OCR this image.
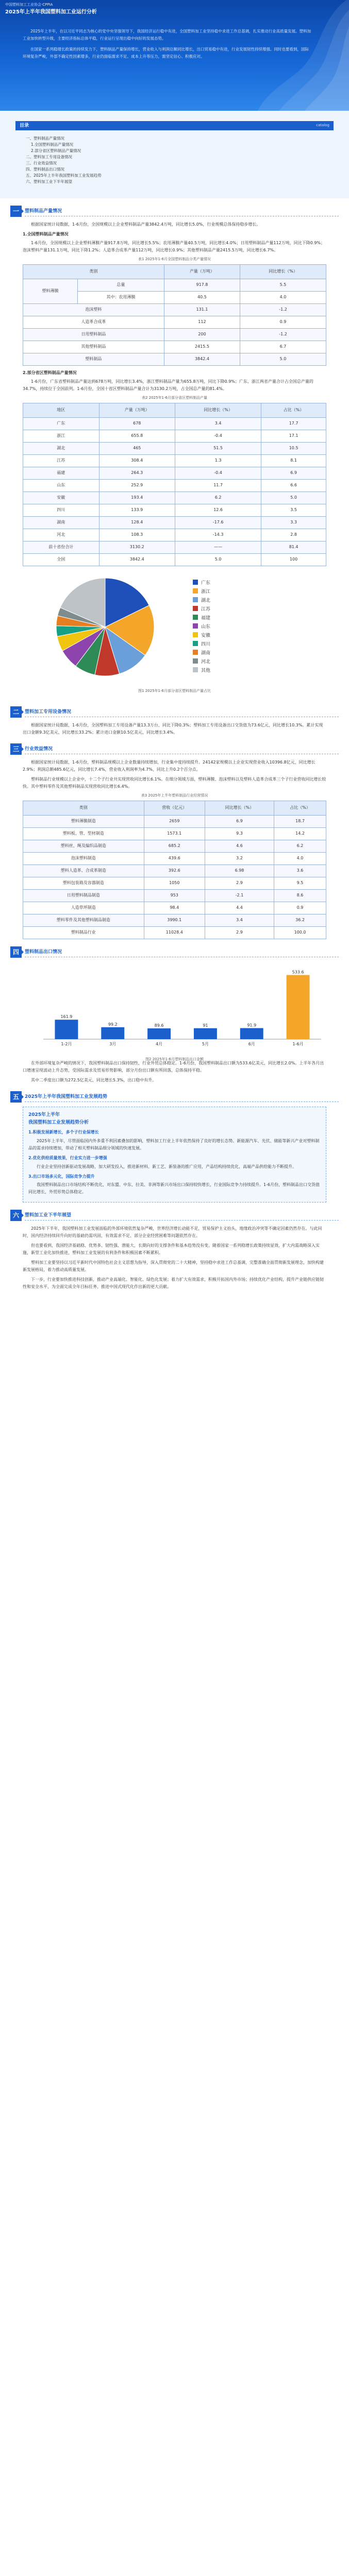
中国塑料加工工业协会·CPPIA
2025年上半年我国塑料加工业运行分析

2025年上半年，在以习近平同志为核心的党中央坚强领导下，我国经济运行稳中有进，全国塑料加工业坚持稳中求进工作总基调，扎实推动行业高质量发展。塑料加工业加快转型升级，主要经济指标总体平稳，行业运行呈现出稳中向好的发展态势。

在国家一系列稳增长政策的持续发力下，塑料制品产量保持增长，营业收入与利润总额同比增长，出口贸易稳中有进，行业发展韧性持续增强。同时也要看到，国际环境复杂严峻，外部不确定性因素增多，行业仍面临需求不足、成本上升等压力，需坚定信心、积极应对。

目录	catalog
一、塑料制品产量情况
1.全国塑料制品产量情况
2.部分省区塑料制品产量情况
二、塑料加工专用设备情况
三、行业效益情况
四、塑料制品出口情况
五、2025年上半年我国塑料加工业发展趋势
六、塑料加工业下半年展望
一	塑料制品产量情况

根据国家统计局数据，1-6月份，全国规模以上企业塑料制品产量3842.4万吨，同比增长5.0%，行业规模总体保持稳步增长。

1.全国塑料制品产量情况

1-6月份，全国规模以上企业塑料薄膜产量917.8万吨，同比增长5.5%；农用薄膜产量40.5万吨，同比增长4.0%；日用塑料制品产量112万吨，同比下降0.9%；泡沫塑料产量131.1万吨，同比下降1.2%；人造革合成革产量112万吨，同比增长0.9%；其他塑料制品产量2415.5万吨，同比增长6.7%。

表1 2025年1-6月全国塑料制品分类产量情况
类别		产量（万吨）	同比增长（%）
塑料薄膜	总量	917.8	5.5
	其中：农用薄膜	40.5	4.0
泡沫塑料		131.1	-1.2
人造革合成革		112	0.9
日用塑料制品		200	-1.2
其他塑料制品		2415.5	6.7
塑料制品		3842.4	5.0
2.部分省区塑料制品产量情况

1-6月份，广东省塑料制品产量达到678万吨，同比增长3.4%，浙江塑料制品产量为655.8万吨，同比下降0.9%；广东、浙江两省产量合计占全国总产量的34.7%，持续位于全国前列。1-6月份，全国十省区塑料制品产量合计为3130.2万吨，占全国总产量的81.4%。

表2 2025年1-6月部分省区塑料制品产量
地区	产量（万吨）	同比增长（%）	占比（%）
广东	678	3.4	17.7
浙江	655.8	-0.4	17.1
湖北	465	51.5	10.5
江苏	308.4	1.3	8.1
福建	264.3	-0.4	6.9
山东	252.9	11.7	6.6
安徽	193.4	6.2	5.0
四川	133.9	12.6	3.5
湖南	128.4	-17.6	3.3
河北	108.3	-14.3	2.8
前十省份合计	3130.2	——	81.4
全国	3842.4	5.0	100
广东
浙江
湖北
江苏
福建
山东
安徽
四川
湖南
河北
其他
图1 2025年1-6月部分省区塑料制品产量占比
二	塑料加工专用设备情况

根据国家统计局数据，1-6月份，全国塑料加工专用设备产量13.3万台，同比下降0.3%；塑料加工专用设备出口交货值为73.6亿元，同比增长10.3%。累计实现出口金额9.3亿美元，同比增长33.2%；累计进口金额10.5亿美元，同比增长3.4%。

三	行业效益情况

根据国家统计局数据，1-6月份，塑料制品规模以上企业数量持续增加，行业集中度持续提升。24142家规模以上企业实现营业收入10396.8亿元，同比增长2.9%；利润总额485.6亿元，同比增长7.4%，营业收入利润率为4.7%，同比上升0.2个百分点。

塑料制品行业规模以上企业中，十二个子行业共实现营收同比增长6.1%。在细分领域方面，塑料薄膜、泡沫塑料以及塑料人造革合成革三个子行业营收同比增长较快。其中塑料零件及其他塑料制品实现营收同比增长6.4%。

表3 2025年上半年塑料制品行业经营情况
类别	营收（亿元）	同比增长（%）	占比（%）
塑料薄膜制造	2659	6.9	18.7
塑料板、管、型材制造	1573.1	9.3	14.2
塑料丝、绳及编织品制造	685.2	4.6	6.2
泡沫塑料制造	439.6	3.2	4.0
塑料人造革、合成革制造	392.6	6.98	3.6
塑料包装箱及容器制造	1050	2.9	9.5
日用塑料制品制造	953	-2.1	8.6
人造草坪制造	98.4	4.4	0.9
塑料零件及其他塑料制品制造	3990.1	3.4	36.2
塑料制品行业	11028.4	2.9	100.0
四	塑料制品出口情况
161.9
1-2月
99.2
3月
89.6
4月
91
5月
91.9
6月
533.6
1-6月
图2 2025年1-6月塑料制品出口金额

在外部环境复杂严峻的情况下，我国塑料制品出口保持韧性，行业外贸总体稳定。1-6月份，我国塑料制品出口额为533.6亿美元，同比增长2.0%。上半年各月出口增速呈现波动上升态势，受国际需求及贸易形势影响，部分月份出口额有所回落，总体保持平稳。

其中二季度出口额为272.5亿美元，同比增长5.3%，出口稳中有升。

五	2025年上半年我国塑料加工业发展趋势
2025年上半年
我国塑料加工业发展趋势分析
1.积极发展新增长，多个子行业保增长

2025年上半年，尽管面临国内外多重不利因素叠加的影响，塑料加工行业上半年依然保持了良好的增长态势。新能源汽车、光伏、储能等新兴产业对塑料制品的需求持续增加，带动了相关塑料制品细分领域的快速发展。

2.优化供给质量效果，行业实力进一步增强

行业企业坚持创新驱动发展战略，加大研发投入，推进新材料、新工艺、新装备的推广应用，产品结构持续优化，高端产品供给能力不断提升。

3.出口市场多元化，国际竞争力提升

我国塑料制品出口市场结构不断优化，对东盟、中东、拉美、非洲等新兴市场出口保持较快增长，行业国际竞争力持续提升。1-6月份，塑料制品出口交货值同比增长，外贸形势总体稳定。

六	塑料加工业下半年展望

2025年下半年，我国塑料加工业发展面临的外部环境依然复杂严峻，世界经济增长动能不足，贸易保护主义抬头，地缘政治冲突等不确定因素仍然存在。与此同时，国内经济持续回升向好的基础仍需巩固，有效需求不足、部分企业经营困难等问题依然存在。

但也要看到，我国经济基础稳、优势多、韧性强、潜能大，长期向好的支撑条件和基本趋势没有变。随着国家一系列稳增长政策持续显效，扩大内需战略深入实施，新型工业化加快推进，塑料加工业发展的有利条件和积极因素不断累积。

塑料加工业要坚持以习近平新时代中国特色社会主义思想为指导，深入贯彻党的二十大精神，坚持稳中求进工作总基调，完整准确全面贯彻新发展理念，加快构建新发展格局，着力推动高质量发展。

下一步，行业要加快推进科技创新，推动产业高端化、智能化、绿色化发展；着力扩大有效需求，积极开拓国内外市场；持续优化产业结构，提升产业链供应链韧性和安全水平，为全面完成全年目标任务、推进中国式现代化作出新的更大贡献。
